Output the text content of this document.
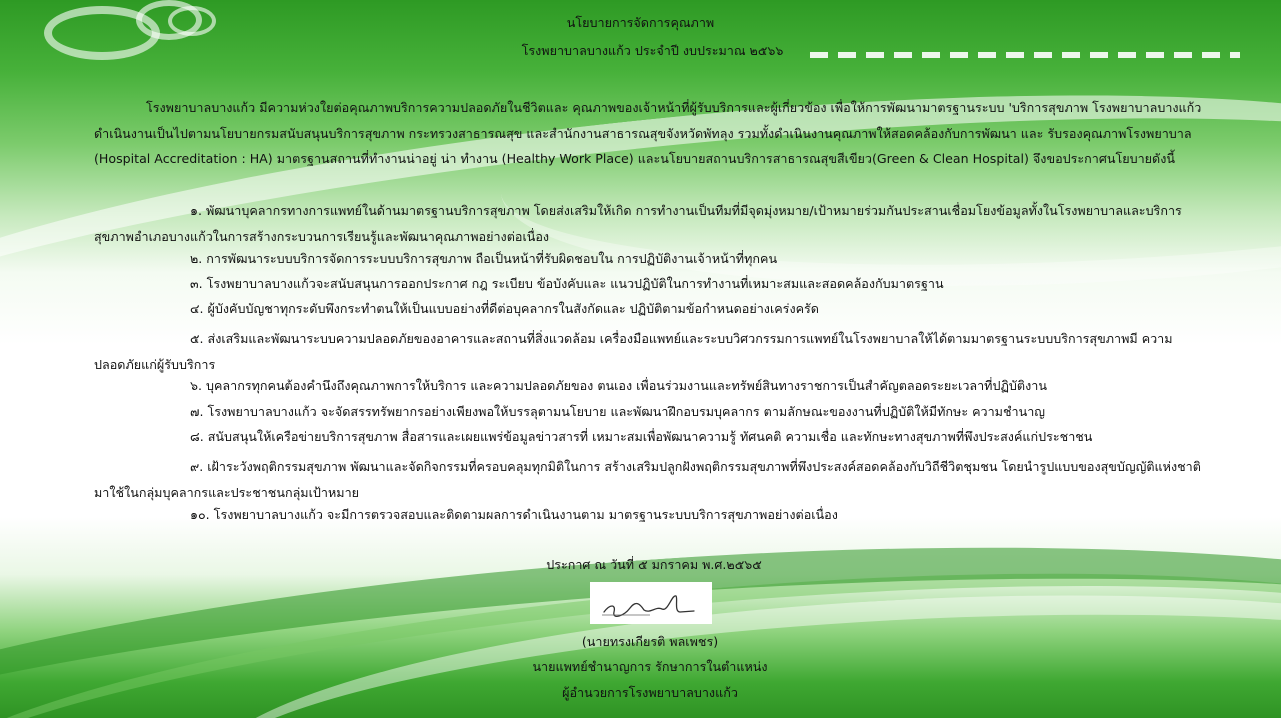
นโยบายการจัดการคุณภาพ
โรงพยาบาลบางแก้ว ประจำปี งบประมาณ ๒๕๖๖
โรงพยาบาลบางแก้ว มีความห่วงใยต่อคุณภาพบริการความปลอดภัยในชีวิตและ คุณภาพของเจ้าหน้าที่ผู้รับบริการและผู้เกี่ยวข้อง เพื่อให้การพัฒนามาตรฐานระบบ 'บริการสุขภาพ โรงพยาบาลบางแก้ว ดำเนินงานเป็นไปตามนโยบายกรมสนับสนุนบริการสุขภาพ กระทรวงสาธารณสุข และสำนักงานสาธารณสุขจังหวัดพัทลุง รวมทั้งดำเนินงานคุณภาพให้สอดคล้องกับการพัฒนา และ รับรองคุณภาพโรงพยาบาล (Hospital Accreditation : HA) มาตรฐานสถานที่ทำงานน่าอยู่ น่า ทำงาน (Healthy Work Place) และนโยบายสถานบริการสาธารณสุขสีเขียว(Green & Clean Hospital) จึงขอประกาศนโยบายดังนี้
๑. พัฒนาบุคลากรทางการแพทย์ในด้านมาตรฐานบริการสุขภาพ โดยส่งเสริมให้เกิด การทำงานเป็นทีมที่มีจุดมุ่งหมาย/เป้าหมายร่วมกันประสานเชื่อมโยงข้อมูลทั้งในโรงพยาบาลและบริการสุขภาพอำเภอบางแก้วในการสร้างกระบวนการเรียนรู้และพัฒนาคุณภาพอย่างต่อเนื่อง
๒. การพัฒนาระบบบริการจัดการระบบบริการสุขภาพ ถือเป็นหน้าที่รับผิดชอบใน การปฏิบัติงานเจ้าหน้าที่ทุกคน
๓. โรงพยาบาลบางแก้วจะสนับสนุนการออกประกาศ กฎ ระเบียบ ข้อบังคับและ แนวปฏิบัติในการทำงานที่เหมาะสมและสอดคล้องกับมาตรฐาน
๔. ผู้บังคับบัญชาทุกระดับพึงกระทำตนให้เป็นแบบอย่างที่ดีต่อบุคลากรในสังกัดและ ปฏิบัติตามข้อกำหนดอย่างเคร่งครัด
๕. ส่งเสริมและพัฒนาระบบความปลอดภัยของอาคารและสถานที่สิ่งแวดล้อม เครื่องมือแพทย์และระบบวิศวกรรมการแพทย์ในโรงพยาบาลให้ได้ตามมาตรฐานระบบบริการสุขภาพมี ความปลอดภัยแก่ผู้รับบริการ
๖. บุคลากรทุกคนต้องคำนึงถึงคุณภาพการให้บริการ และความปลอดภัยของ ตนเอง เพื่อนร่วมงานและทรัพย์สินทางราชการเป็นสำคัญตลอดระยะเวลาที่ปฏิบัติงาน
๗. โรงพยาบาลบางแก้ว จะจัดสรรทรัพยากรอย่างเพียงพอให้บรรลุตามนโยบาย และพัฒนาฝึกอบรมบุคลากร ตามลักษณะของงานที่ปฏิบัติให้มีทักษะ ความชำนาญ
๘. สนับสนุนให้เครือข่ายบริการสุขภาพ สื่อสารและเผยแพร่ข้อมูลข่าวสารที่ เหมาะสมเพื่อพัฒนาความรู้ ทัศนคติ ความเชื่อ และทักษะทางสุขภาพที่พึงประสงค์แก่ประชาชน
๙. เฝ้าระวังพฤติกรรมสุขภาพ พัฒนาและจัดกิจกรรมที่ครอบคลุมทุกมิติในการ สร้างเสริมปลูกฝังพฤติกรรมสุขภาพที่พึงประสงค์สอดคล้องกับวิถีชีวิตชุมชน โดยนำรูปแบบของสุขบัญญัติแห่งชาติมาใช้ในกลุ่มบุคลากรและประชาชนกลุ่มเป้าหมาย
๑๐. โรงพยาบาลบางแก้ว จะมีการตรวจสอบและติดตามผลการดำเนินงานตาม มาตรฐานระบบบริการสุขภาพอย่างต่อเนื่อง
ประกาศ ณ วันที่ ๕ มกราคม พ.ศ.๒๕๖๕
(นายทรงเกียรติ พลเพชร)
นายแพทย์ชำนาญการ รักษาการในตำแหน่ง
ผู้อำนวยการโรงพยาบาลบางแก้ว
